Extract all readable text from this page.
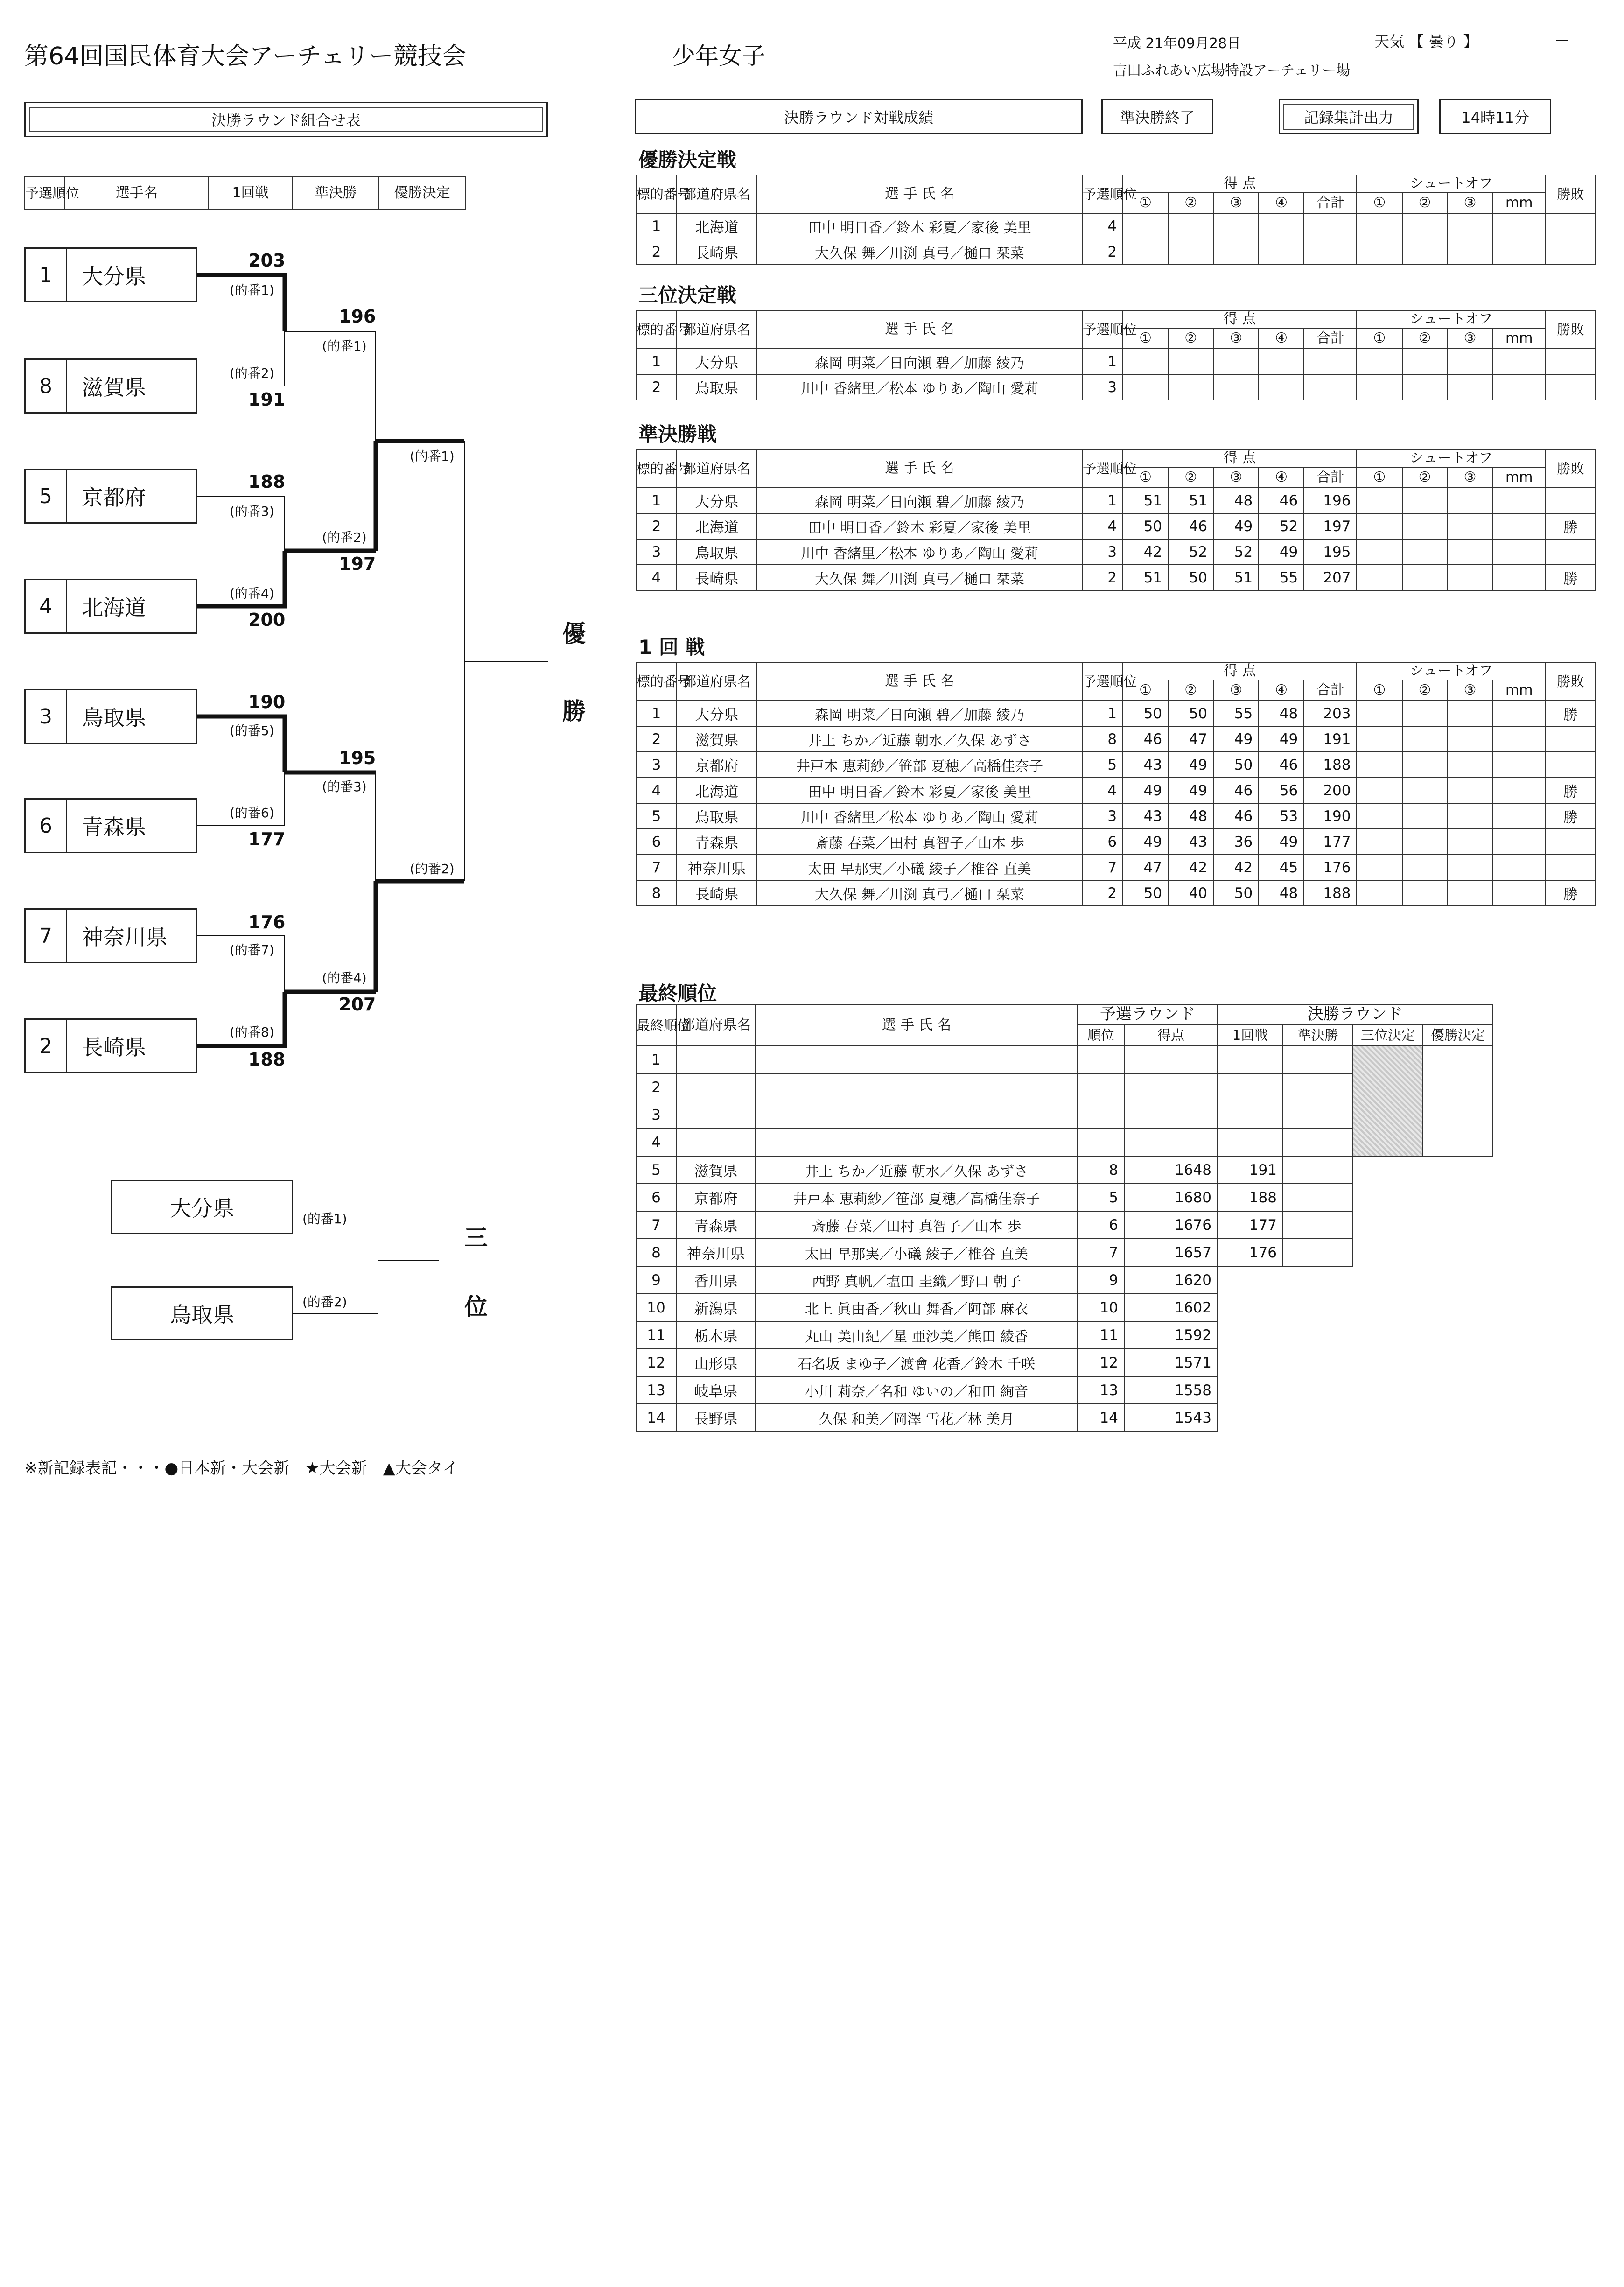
第64回国民体育大会アーチェリー競技会	少年女子	平成 21年09月28日	天気 【 曇り 】
吉田ふれあい広場特設アーチェリー場
－
決勝ラウンド組合せ表	決勝ラウンド対戦成績	準決勝終了	記録集計出力	14時11分
予選順位	選手名	1回戦	準決勝	優勝決定
1	大分県
8	滋賀県
5	京都府
4	北海道
3	鳥取県
6	青森県
7	神奈川県
2	長崎県
203
(的番1)
(的番2)
191
188
(的番3)
(的番4)
200
190
(的番5)
(的番6)
177
176
(的番7)
(的番8)
188
196
(的番1)
(的番2)
197
195
(的番3)
(的番4)
207
(的番1)
(的番2)
優
勝
大分県
鳥取県
(的番1)
(的番2)
三
位
優勝決定戦
標的番号	都道府県名	選 手 氏 名	予選順位	得 点					シュートオフ				勝敗
				①	②	③	④	合計	①	②	③	mm	
1	北海道	田中 明日香／鈴木 彩夏／家後 美里	4										
2	長崎県	大久保 舞／川渕 真弓／樋口 栞菜	2										
三位決定戦
標的番号	都道府県名	選 手 氏 名	予選順位	得 点					シュートオフ				勝敗
				①	②	③	④	合計	①	②	③	mm	
1	大分県	森岡 明菜／日向瀬 碧／加藤 綾乃	1										
2	鳥取県	川中 香緒里／松本 ゆりあ／陶山 愛莉	3										
準決勝戦
標的番号	都道府県名	選 手 氏 名	予選順位	得 点					シュートオフ				勝敗
				①	②	③	④	合計	①	②	③	mm	
1	大分県	森岡 明菜／日向瀬 碧／加藤 綾乃	1	51	51	48	46	196					
2	北海道	田中 明日香／鈴木 彩夏／家後 美里	4	50	46	49	52	197					勝
3	鳥取県	川中 香緒里／松本 ゆりあ／陶山 愛莉	3	42	52	52	49	195					
4	長崎県	大久保 舞／川渕 真弓／樋口 栞菜	2	51	50	51	55	207					勝
1 回 戦
標的番号	都道府県名	選 手 氏 名	予選順位	得 点					シュートオフ				勝敗
				①	②	③	④	合計	①	②	③	mm	
1	大分県	森岡 明菜／日向瀬 碧／加藤 綾乃	1	50	50	55	48	203					勝
2	滋賀県	井上 ちか／近藤 朝水／久保 あずさ	8	46	47	49	49	191					
3	京都府	井戸本 恵莉紗／笹部 夏穂／高橋佳奈子	5	43	49	50	46	188					
4	北海道	田中 明日香／鈴木 彩夏／家後 美里	4	49	49	46	56	200					勝
5	鳥取県	川中 香緒里／松本 ゆりあ／陶山 愛莉	3	43	48	46	53	190					勝
6	青森県	斎藤 春菜／田村 真智子／山本 歩	6	49	43	36	49	177					
7	神奈川県	太田 早那実／小礒 綾子／椎谷 直美	7	47	42	42	45	176					
8	長崎県	大久保 舞／川渕 真弓／樋口 栞菜	2	50	40	50	48	188					勝
最終順位
最終順位	都道府県名	選 手 氏 名	予選ラウンド		決勝ラウンド			
			順位	得点	1回戦	準決勝	三位決定	優勝決定
1								
2								
3								
4								
5	滋賀県	井上 ちか／近藤 朝水／久保 あずさ	8	1648	191			
6	京都府	井戸本 恵莉紗／笹部 夏穂／高橋佳奈子	5	1680	188			
7	青森県	斎藤 春菜／田村 真智子／山本 歩	6	1676	177			
8	神奈川県	太田 早那実／小礒 綾子／椎谷 直美	7	1657	176			
9	香川県	西野 真帆／塩田 圭織／野口 朝子	9	1620				
10	新潟県	北上 眞由香／秋山 舞香／阿部 麻衣	10	1602				
11	栃木県	丸山 美由紀／星 亜沙美／熊田 綾香	11	1592				
12	山形県	石名坂 まゆ子／渡會 花香／鈴木 千咲	12	1571				
13	岐阜県	小川 莉奈／名和 ゆいの／和田 絢音	13	1558				
14	長野県	久保 和美／岡澤 雪花／林 美月	14	1543				
※新記録表記・・・●日本新・大会新　★大会新　▲大会タイ
